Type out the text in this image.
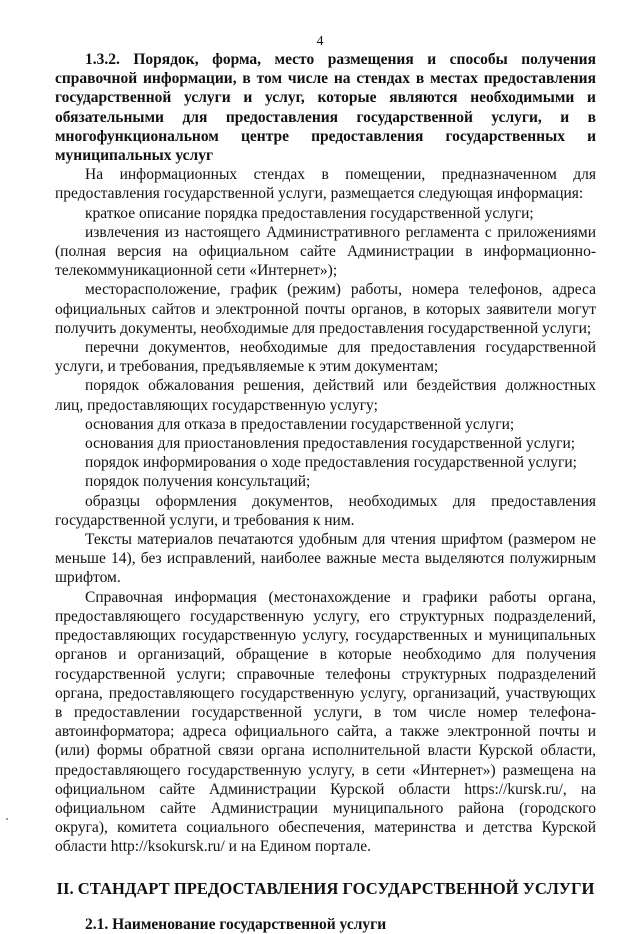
4

1.3.2. Порядок, форма, место размещения и способы получения справочной информации, в том числе на стендах в местах предоставления государственной услуги и услуг, которые являются необходимыми и обязательными для предоставления государственной услуги, и в многофункциональном центре предоставления государственных и муниципальных услуг

На информационных стендах в помещении, предназначенном для предоставления государственной услуги, размещается следующая информация:

краткое описание порядка предоставления государственной услуги;

извлечения из настоящего Административного регламента с приложениями (полная версия на официальном сайте Администрации в информационно-телекоммуникационной сети «Интернет»);

месторасположение, график (режим) работы, номера телефонов, адреса официальных сайтов и электронной почты органов, в которых заявители могут получить документы, необходимые для предоставления государственной услуги;

перечни документов, необходимые для предоставления государственной услуги, и требования, предъявляемые к этим документам;

порядок обжалования решения, действий или бездействия должностных лиц, предоставляющих государственную услугу;

основания для отказа в предоставлении государственной услуги;

основания для приостановления предоставления государственной услуги;

порядок информирования о ходе предоставления государственной услуги;

порядок получения консультаций;

образцы оформления документов, необходимых для предоставления государственной услуги, и требования к ним.

Тексты материалов печатаются удобным для чтения шрифтом (размером не меньше 14), без исправлений, наиболее важные места выделяются полужирным шрифтом.

Справочная информация (местонахождение и графики работы органа, предоставляющего государственную услугу, его структурных подразделений, предоставляющих государственную услугу, государственных и муниципальных органов и организаций, обращение в которые необходимо для получения государственной услуги; справочные телефоны структурных подразделений органа, предоставляющего государственную услугу, организаций, участвующих в предоставлении государственной услуги, в том числе номер телефона-автоинформатора; адреса официального сайта, а также электронной почты и (или) формы обратной связи органа исполнительной власти Курской области, предоставляющего государственную услугу, в сети «Интернет») размещена на официальном сайте Администрации Курской области https://kursk.ru/, на официальном сайте Администрации муниципального района (городского округа), комитета социального обеспечения, материнства и детства Курской области http://ksokursk.ru/ и на Едином портале.

II. СТАНДАРТ ПРЕДОСТАВЛЕНИЯ ГОСУДАРСТВЕННОЙ УСЛУГИ

2.1. Наименование государственной услуги
